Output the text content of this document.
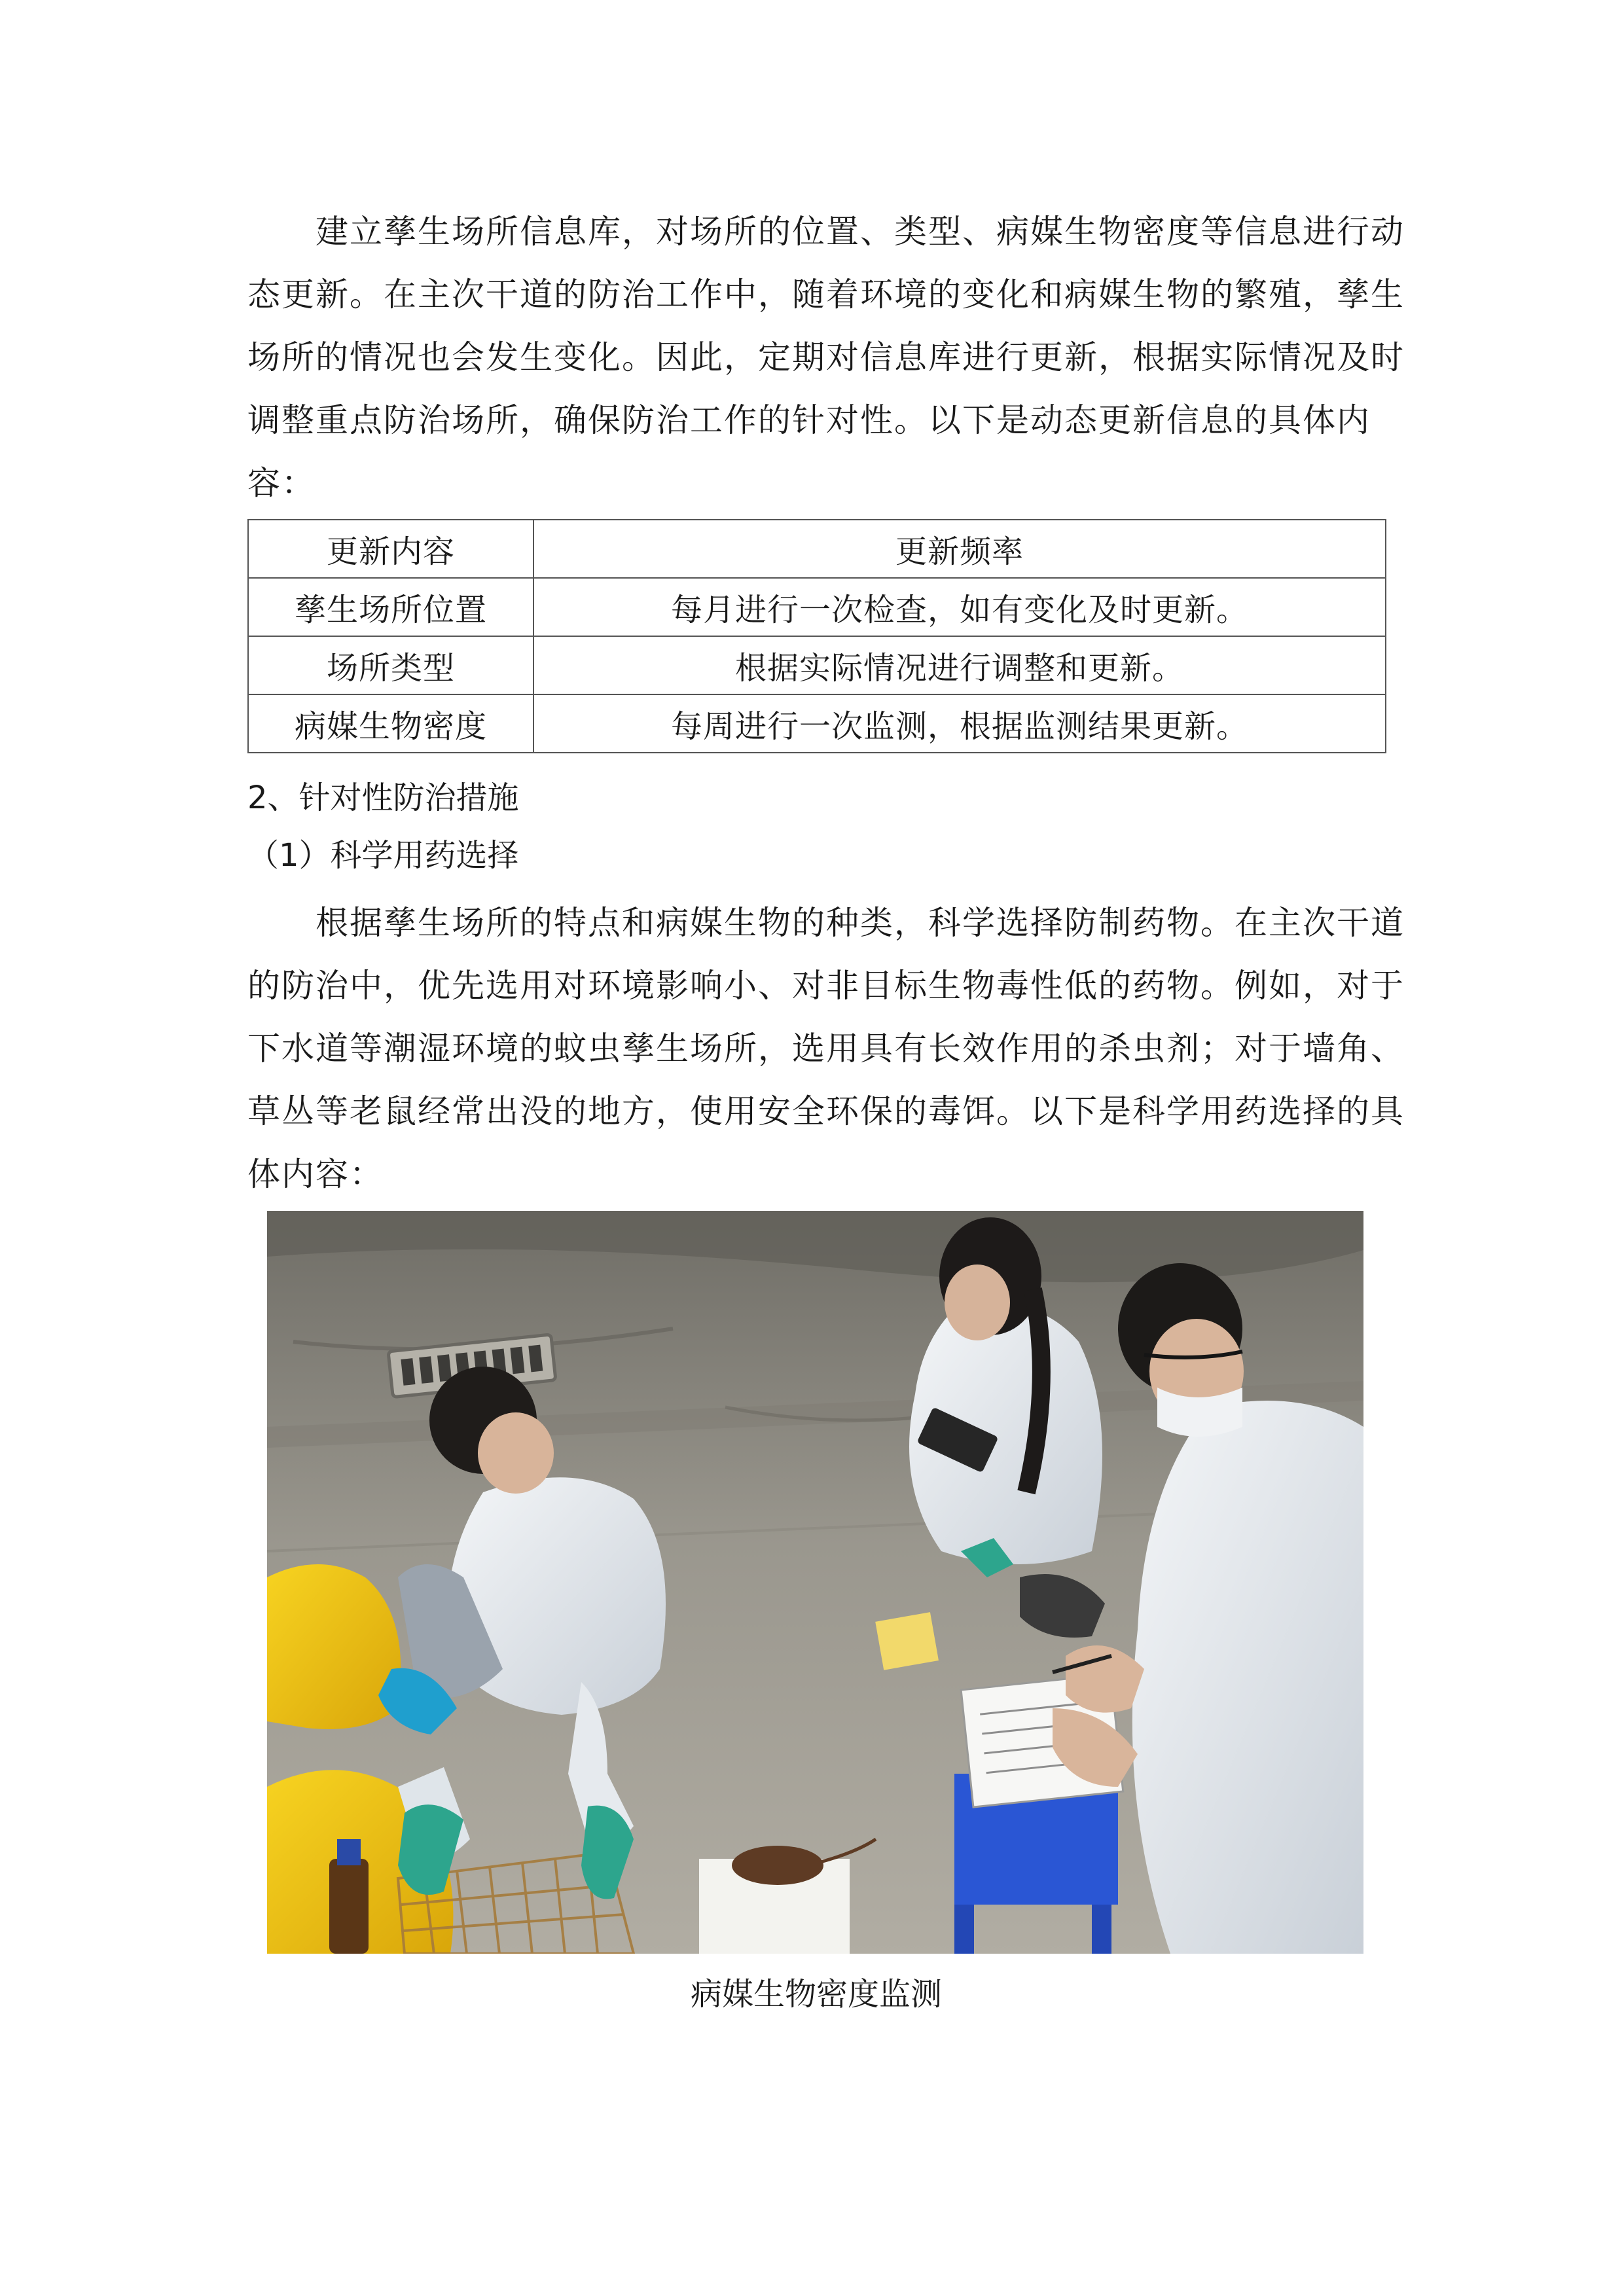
建立孳生场所信息库，对场所的位置、类型、病媒生物密度等信息进行动
态更新。在主次干道的防治工作中，随着环境的变化和病媒生物的繁殖，孳生
场所的情况也会发生变化。因此，定期对信息库进行更新，根据实际情况及时
调整重点防治场所，确保防治工作的针对性。以下是动态更新信息的具体内
容：
更新内容	更新频率
孳生场所位置	每月进行一次检查，如有变化及时更新。
场所类型	根据实际情况进行调整和更新。
病媒生物密度	每周进行一次监测，根据监测结果更新。

2、针对性防治措施

（1）科学用药选择

根据孳生场所的特点和病媒生物的种类，科学选择防制药物。在主次干道
的防治中，优先选用对环境影响小、对非目标生物毒性低的药物。例如，对于
下水道等潮湿环境的蚊虫孳生场所，选用具有长效作用的杀虫剂；对于墙角、
草丛等老鼠经常出没的地方，使用安全环保的毒饵。以下是科学用药选择的具
体内容：

病媒生物密度监测
